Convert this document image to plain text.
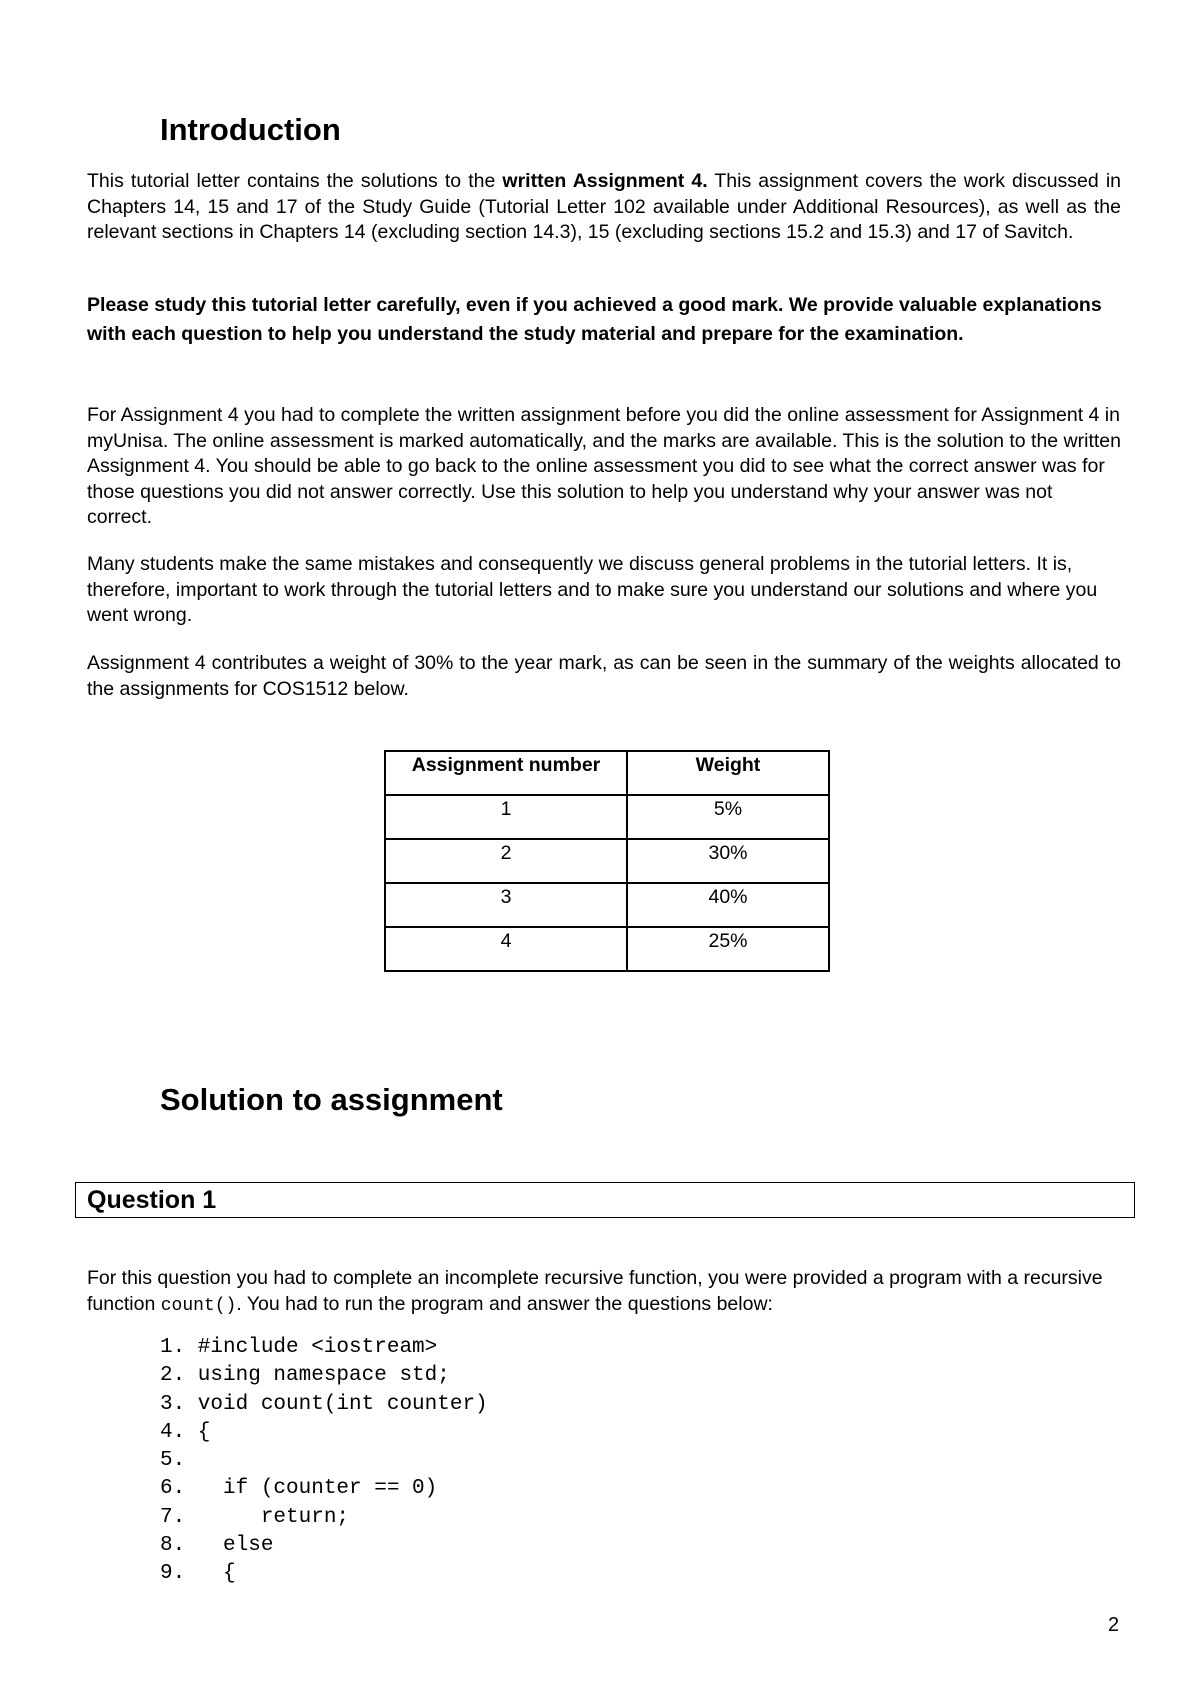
Introduction

This tutorial letter contains the solutions to the written Assignment 4. This assignment covers the work discussed in Chapters 14, 15 and 17 of the Study Guide (Tutorial Letter 102 available under Additional Resources), as well as the relevant sections in Chapters 14 (excluding section 14.3), 15 (excluding sections 15.2 and 15.3) and 17 of Savitch.

Please study this tutorial letter carefully, even if you achieved a good mark. We provide valuable explanations with each question to help you understand the study material and prepare for the examination.

For Assignment 4 you had to complete the written assignment before you did the online assessment for Assignment 4 in myUnisa. The online assessment is marked automatically, and the marks are available. This is the solution to the written Assignment 4. You should be able to go back to the online assessment you did to see what the correct answer was for those questions you did not answer correctly. Use this solution to help you understand why your answer was not correct.

Many students make the same mistakes and consequently we discuss general problems in the tutorial letters. It is, therefore, important to work through the tutorial letters and to make sure you understand our solutions and where you went wrong.

Assignment 4 contributes a weight of 30% to the year mark, as can be seen in the summary of the weights allocated to the assignments for COS1512 below.

Assignment number	Weight
1	5%
2	30%
3	40%
4	25%
Solution to assignment
Question 1

For this question you had to complete an incomplete recursive function, you were provided a program with a recursive function count(). You had to run the program and answer the questions below:

1. #include <iostream>
2. using namespace std;
3. void count(int counter)
4. {
5.
6.   if (counter == 0)
7.      return;
8.   else
9.   {
2
